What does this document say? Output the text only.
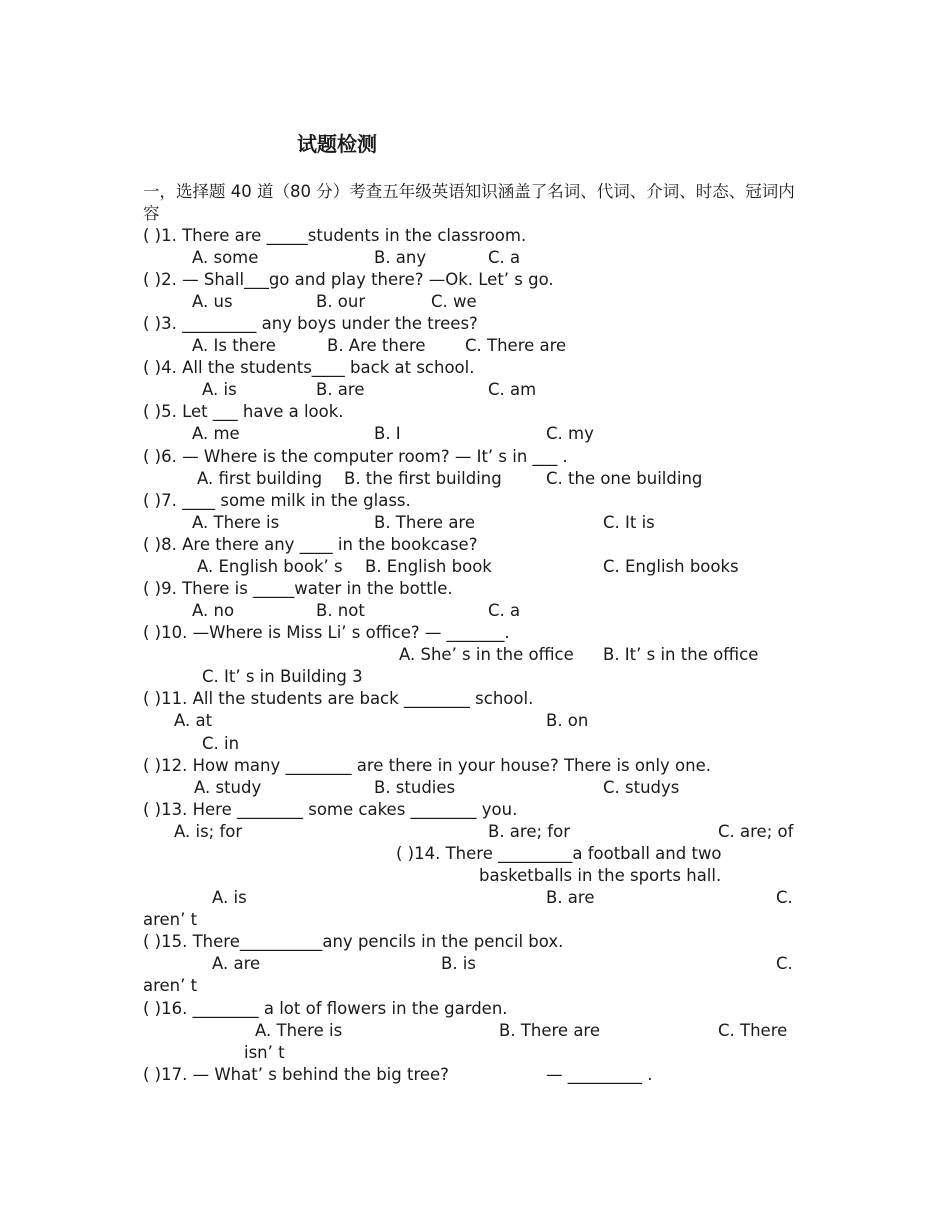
试题检测
一，选择题 40 道（80 分）考查五年级英语知识涵盖了名词、代词、介词、时态、冠词内
容
( )1. There are _____students in the classroom.
A. some	B. any	C. a
( )2. — Shall___go and play there? —Ok. Let’ s go.
A. us	B. our	C. we
( )3. _________ any boys under the trees?
A. Is there	B. Are there C. There are
( )4. All the students____ back at school.
A. is	B. are	C. am
( )5. Let ___ have a look.
A. me	B. I	C. my
( )6. — Where is the computer room? — It’ s in ___ .
A. first building B. the first building	C. the one building
( )7. ____ some milk in the glass.
A. There is	B. There are	C. It is
( )8. Are there any ____ in the bookcase?
A. English book’ s B. English book	C. English books
( )9. There is _____water in the bottle.
A. no	B. not	C. a
( )10. —Where is Miss Li’ s office? — _______.
A. She’ s in the office B. It’ s in the office
C. It’ s in Building 3
( )11. All the students are back ________ school.
A. at	B. on
C. in
( )12. How many ________ are there in your house? There is only one.
A. study	B. studies	C. studys
( )13. Here ________ some cakes ________ you.
A. is; for	B. are; for	C. are; of
( )14. There _________a football and two
basketballs in the sports hall.
A. is	B. are	C.
aren’ t
( )15. There__________any pencils in the pencil box.
A. are	B. is	C.
aren’ t
( )16. ________ a lot of flowers in the garden.
A. There is	B. There are	C. There
isn’ t
( )17. — What’ s behind the big tree?	— _________ .
